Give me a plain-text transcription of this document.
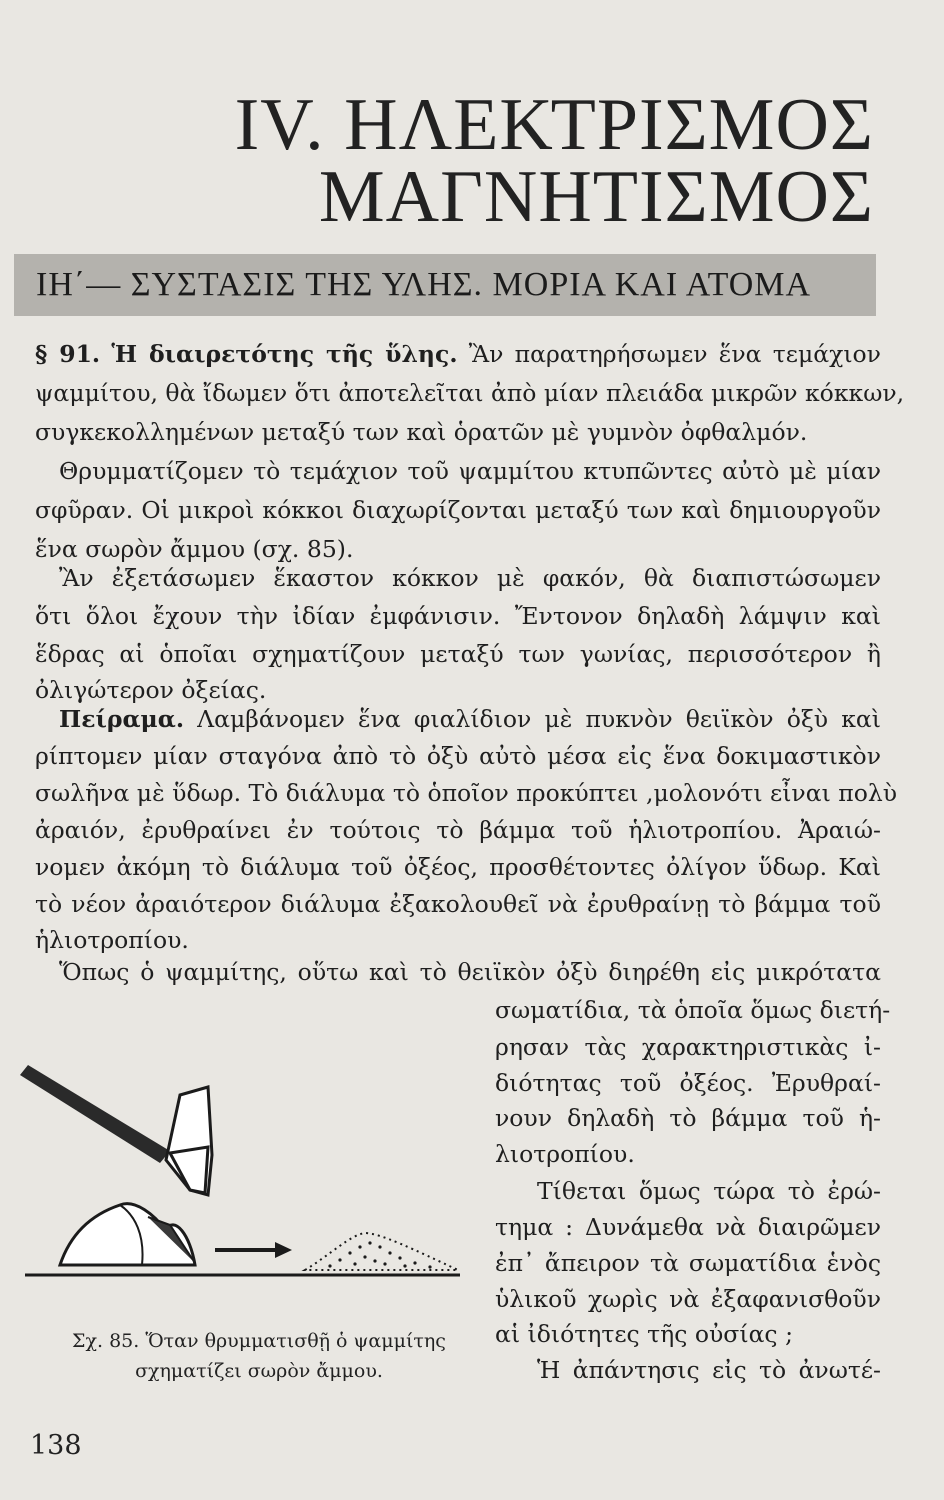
IV. ΗΛΕΚΤΡΙΣΜΟΣ
ΜΑΓΝΗΤΙΣΜΟΣ
ΙΗ΄— ΣΥΣΤΑΣΙΣ ΤΗΣ ΥΛΗΣ. ΜΟΡΙΑ ΚΑΙ ΑΤΟΜΑ
§ 91. Ἡ διαιρετότης τῆς ὕλης. Ἂν παρατηρήσωμεν ἕνα τεμάχιον
ψαμμίτου, θὰ ἴδωμεν ὅτι ἀποτελεῖται ἀπὸ μίαν πλειάδα μικρῶν κόκκων,
συγκεκολλημένων μεταξύ των καὶ ὁρατῶν μὲ γυμνὸν ὀφθαλμόν.
Θρυμματίζομεν τὸ τεμάχιον τοῦ ψαμμίτου κτυπῶντες αὐτὸ μὲ μίαν
σφῦραν. Οἱ μικροὶ κόκκοι διαχωρίζονται μεταξύ των καὶ δημιουργοῦν
ἕνα σωρὸν ἄμμου (σχ. 85).
Ἂν ἐξετάσωμεν ἕκαστον κόκκον μὲ φακόν, θὰ διαπιστώσωμεν
ὅτι ὅλοι ἔχουν τὴν ἰδίαν ἐμφάνισιν. Ἔντονον δηλαδὴ λάμψιν καὶ
ἕδρας αἱ ὁποῖαι σχηματίζουν μεταξύ των γωνίας, περισσότερον ἢ
ὀλιγώτερον ὀξείας.
Πείραμα. Λαμβάνομεν ἕνα φιαλίδιον μὲ πυκνὸν θειϊκὸν ὀξὺ καὶ
ρίπτομεν μίαν σταγόνα ἀπὸ τὸ ὀξὺ αὐτὸ μέσα εἰς ἕνα δοκιμαστικὸν
σωλῆνα μὲ ὕδωρ. Τὸ διάλυμα τὸ ὁποῖον προκύπτει ,μολονότι εἶναι πολὺ
ἀραιόν, ἐρυθραίνει ἐν τούτοις τὸ βάμμα τοῦ ἡλιοτροπίου. Ἀραιώ-
νομεν ἀκόμη τὸ διάλυμα τοῦ ὀξέος, προσθέτοντες ὀλίγον ὕδωρ. Καὶ
τὸ νέον ἀραιότερον διάλυμα ἐξακολουθεῖ νὰ ἐρυθραίνῃ τὸ βάμμα τοῦ
ἡλιοτροπίου.
Ὅπως ὁ ψαμμίτης, οὕτω καὶ τὸ θειϊκὸν ὀξὺ διηρέθη εἰς μικρότατα
σωματίδια, τὰ ὁποῖα ὅμως διετή-
ρησαν τὰς χαρακτηριστικὰς ἰ-
διότητας τοῦ ὀξέος. Ἐρυθραί-
νουν δηλαδὴ τὸ βάμμα τοῦ ἡ-
λιοτροπίου.
Τίθεται ὅμως τώρα τὸ ἐρώ-
τημα : Δυνάμεθα νὰ διαιρῶμεν
ἐπ᾿ ἄπειρον τὰ σωματίδια ἑνὸς
ὑλικοῦ χωρὶς νὰ ἐξαφανισθοῦν
αἱ ἰδιότητες τῆς οὐσίας ;
Ἡ ἀπάντησις εἰς τὸ ἀνωτέ-
Σχ. 85. Ὅταν θρυμματισθῇ ὁ ψαμμίτης
σχηματίζει σωρὸν ἄμμου.
138
